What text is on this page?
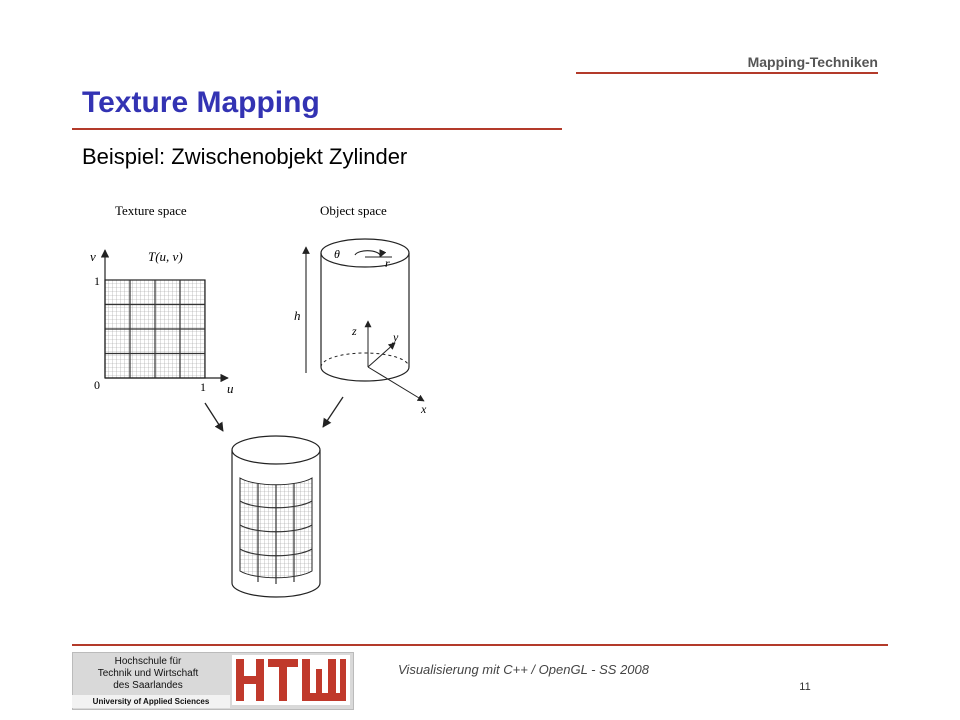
Mapping-Techniken
Texture Mapping
Beispiel: Zwischenobjekt Zylinder
Texture space
T(u, v)
v
1
0	1 u
Object space
θ
r
h
z	y
x
Hochschule für
Technik und Wirtschaft
des Saarlandes
University of Applied Sciences
Visualisierung mit C++ / OpenGL - SS 2008
11
